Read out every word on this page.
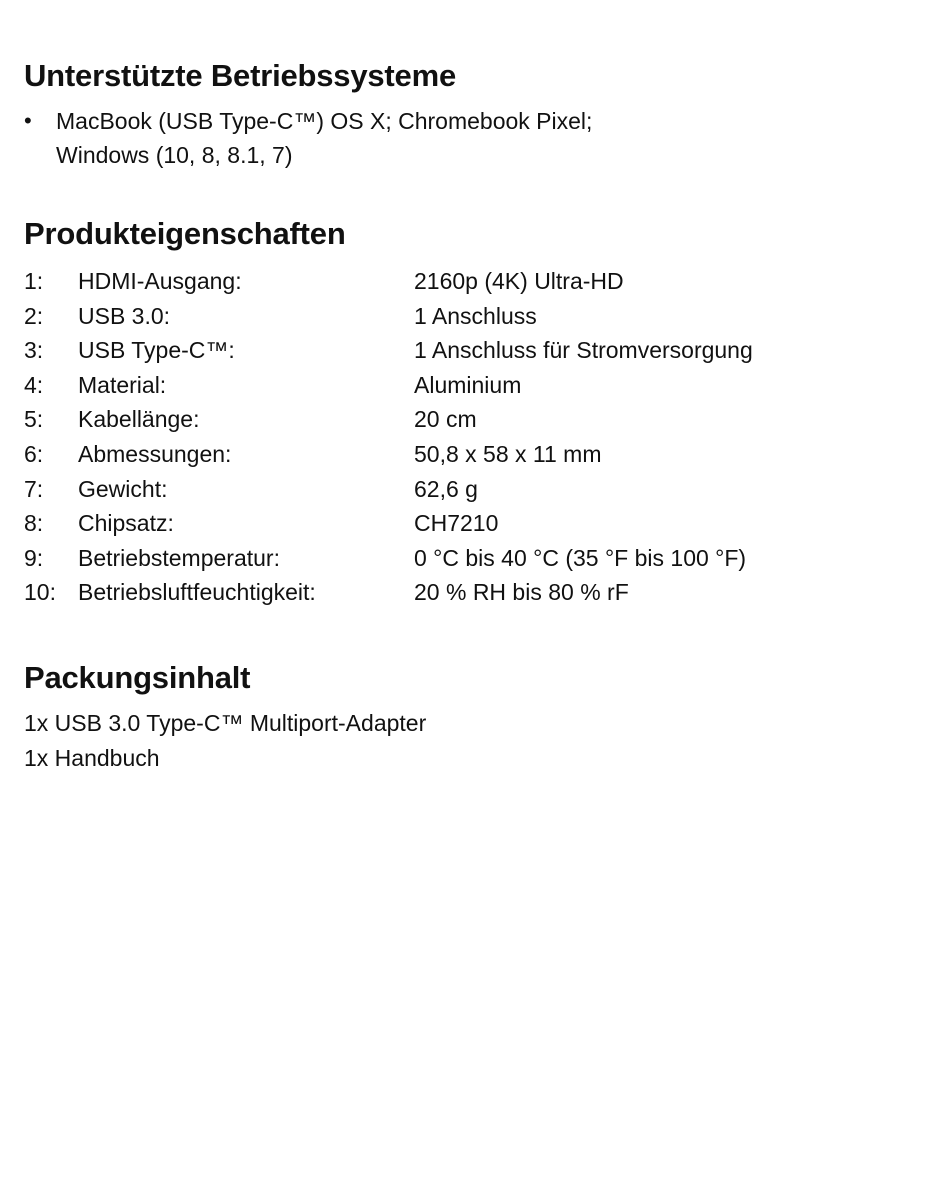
Unterstützte Betriebssysteme
•	MacBook (USB Type-C™) OS X; Chromebook Pixel;
Windows (10, 8, 8.1, 7)
Produkteigenschaften
1:	HDMI-Ausgang:	2160p (4K) Ultra-HD
2:	USB 3.0:	1 Anschluss
3:	USB Type-C™:	1 Anschluss für Stromversorgung
4:	Material:	Aluminium
5:	Kabellänge:	20 cm
6:	Abmessungen:	50,8 x 58 x 11 mm
7:	Gewicht:	62,6 g
8:	Chipsatz:	CH7210
9:	Betriebstemperatur:	0 °C bis 40 °C (35 °F bis 100 °F)
10: Betriebsluftfeuchtigkeit:	20 % RH bis 80 % rF
Packungsinhalt
1x USB 3.0 Type-C™ Multiport-Adapter
1x Handbuch
